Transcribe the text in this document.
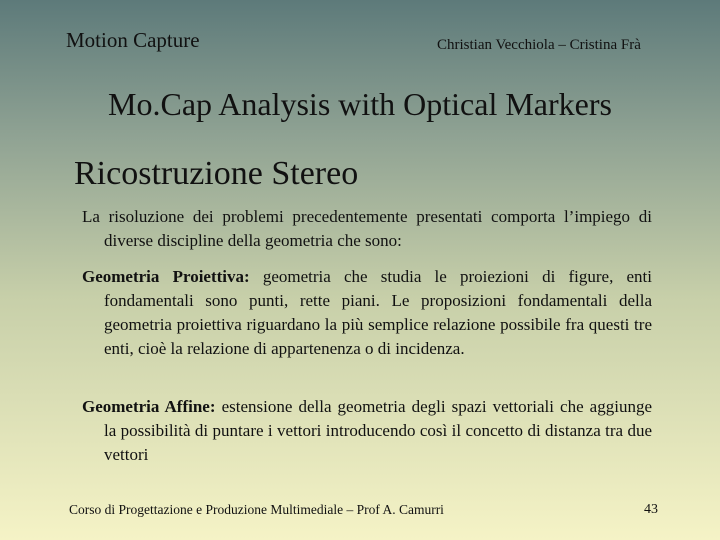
Motion Capture	Christian Vecchiola – Cristina Frà
Mo.Cap Analysis with Optical Markers
Ricostruzione Stereo
La risoluzione dei problemi precedentemente presentati comporta l’impiego di diverse discipline della geometria che sono:
Geometria Proiettiva: geometria che studia le proiezioni di figure, enti fondamentali sono punti, rette piani. Le proposizioni fondamentali della geometria proiettiva riguardano la più semplice relazione possibile fra questi tre enti, cioè la relazione di appartenenza o di incidenza.
Geometria Affine: estensione della geometria degli spazi vettoriali che aggiunge la possibilità di puntare i vettori introducendo così il concetto di distanza tra due vettori
Corso di Progettazione e Produzione Multimediale – Prof A. Camurri	43
